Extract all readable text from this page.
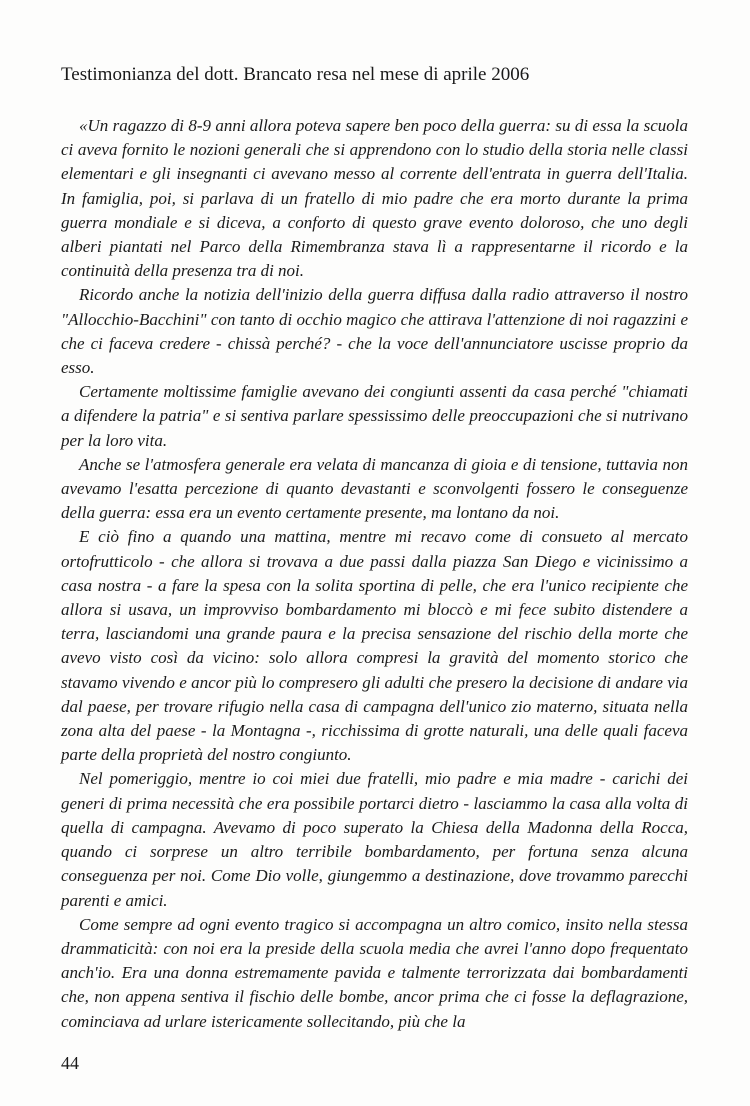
Testimonianza del dott. Brancato resa nel mese di aprile 2006

«Un ragazzo di 8-9 anni allora poteva sapere ben poco della guerra: su di essa la scuola ci aveva fornito le nozioni generali che si apprendono con lo studio della storia nelle classi elementari e gli insegnanti ci avevano messo al corrente dell'entrata in guerra dell'Italia. In famiglia, poi, si parlava di un fratello di mio padre che era morto durante la prima guerra mondiale e si diceva, a conforto di questo grave evento doloroso, che uno degli alberi piantati nel Parco della Rimembranza stava lì a rappresentarne il ricordo e la continuità della presenza tra di noi.

Ricordo anche la notizia dell'inizio della guerra diffusa dalla radio attraverso il nostro "Allocchio-Bacchini" con tanto di occhio magico che attirava l'attenzione di noi ragazzini e che ci faceva credere - chissà perché? - che la voce dell'annunciatore uscisse proprio da esso.

Certamente moltissime famiglie avevano dei congiunti assenti da casa perché "chiamati a difendere la patria" e si sentiva parlare spessissimo delle preoccupazioni che si nutrivano per la loro vita.

Anche se l'atmosfera generale era velata di mancanza di gioia e di tensione, tuttavia non avevamo l'esatta percezione di quanto devastanti e sconvolgenti fossero le conseguenze della guerra: essa era un evento certamente presente, ma lontano da noi.

E ciò fino a quando una mattina, mentre mi recavo come di consueto al mercato ortofrutticolo - che allora si trovava a due passi dalla piazza San Diego e vicinissimo a casa nostra - a fare la spesa con la solita sportina di pelle, che era l'unico recipiente che allora si usava, un improvviso bombardamento mi bloccò e mi fece subito distendere a terra, lasciandomi una grande paura e la precisa sensazione del rischio della morte che avevo visto così da vicino: solo allora compresi la gravità del momento storico che stavamo vivendo e ancor più lo compresero gli adulti che presero la decisione di andare via dal paese, per trovare rifugio nella casa di campagna dell'unico zio materno, situata nella zona alta del paese - la Montagna -, ricchissima di grotte naturali, una delle quali faceva parte della proprietà del nostro congiunto.

Nel pomeriggio, mentre io coi miei due fratelli, mio padre e mia madre - carichi dei generi di prima necessità che era possibile portarci dietro - lasciammo la casa alla volta di quella di campagna. Avevamo di poco superato la Chiesa della Madonna della Rocca, quando ci sorprese un altro terribile bombardamento, per fortuna senza alcuna conseguenza per noi. Come Dio volle, giungemmo a destinazione, dove trovammo parecchi parenti e amici.

Come sempre ad ogni evento tragico si accompagna un altro comico, insito nella stessa drammaticità: con noi era la preside della scuola media che avrei l'anno dopo frequentato anch'io. Era una donna estremamente pavida e talmente terrorizzata dai bombardamenti che, non appena sentiva il fischio delle bombe, ancor prima che ci fosse la deflagrazione, cominciava ad urlare istericamente sollecitando, più che la

44
